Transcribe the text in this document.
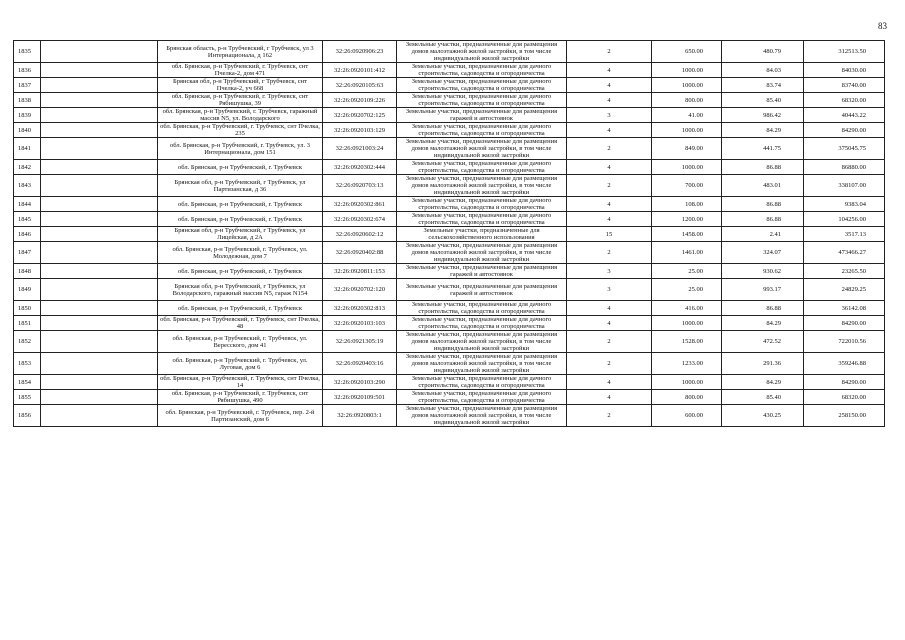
83
1835		Брянская область, р-н Трубчевский, г Трубчевск, ул 3 Интернационала, д 162	32:26:0920906:23	Земельные участки, предназначенные для размещения домов малоэтажной жилой застройки, в том числе индивидуальной жилой застройки	2	650.00	480.79	312513.50
1836		обл. Брянская, р-н Трубчевский, г. Трубчевск, снт Пчелка-2, дом 471	32:26:0920101:412	Земельные участки, предназначенные для дачного строительства, садоводства и огородничества	4	1000.00	84.03	84030.00
1837		Брянская обл, р-н Трубчевский, г Трубчевск, снт Пчелка-2, уч 668	32:26:0920105:63	Земельные участки, предназначенные для дачного строительства, садоводства и огородничества	4	1000.00	83.74	83740.00
1838		обл. Брянская, р-н Трубчевский, г. Трубчевск, снт Рябишушка, 39	32:26:0920109:226	Земельные участки, предназначенные для дачного строительства, садоводства и огородничества	4	800.00	85.40	68320.00
1839		обл. Брянская, р-н Трубчевский, г. Трубчевск, гаражный массив N5, ул. Володарского	32:26:0920702:125	Земельные участки, предназначенные для размещения гаражей и автостоянок	3	41.00	986.42	40443.22
1840		обл. Брянская, р-н Трубчевский, г. Трубчевск, снт Пчелка, 235	32:26:0920103:129	Земельные участки, предназначенные для дачного строительства, садоводства и огородничества	4	1000.00	84.29	84290.00
1841		обл. Брянская, р-н Трубчевский, г. Трубчевск, ул. 3 Интернационала, дом 151	32:26:0921003:24	Земельные участки, предназначенные для размещения домов малоэтажной жилой застройки, в том числе индивидуальной жилой застройки	2	849.00	441.75	375045.75
1842		обл. Брянская, р-н Трубчевский, г. Трубчевск	32:26:0920302:444	Земельные участки, предназначенные для дачного строительства, садоводства и огородничества	4	1000.00	86.88	86880.00
1843		Брянская обл, р-н Трубчевский, г Трубчевск, ул Партизанская, д 36	32:26:0920703:13	Земельные участки, предназначенные для размещения домов малоэтажной жилой застройки, в том числе индивидуальной жилой застройки	2	700.00	483.01	338107.00
1844		обл. Брянская, р-н Трубчевский, г. Трубчевск	32:26:0920302:861	Земельные участки, предназначенные для дачного строительства, садоводства и огородничества	4	108.00	86.88	9383.04
1845		обл. Брянская, р-н Трубчевский, г. Трубчевск	32:26:0920302:674	Земельные участки, предназначенные для дачного строительства, садоводства и огородничества	4	1200.00	86.88	104256.00
1846		Брянская обл, р-н Трубчевский, г Трубчевск, ул Лицейская, д 2А	32:26:0920602:12	Земельные участки, предназначенные для сельскохозяйственного использования	15	1458.00	2.41	3517.13
1847		обл. Брянская, р-н Трубчевский, г. Трубчевск, ул. Молодежная, дом 7	32:26:0920402:88	Земельные участки, предназначенные для размещения домов малоэтажной жилой застройки, в том числе индивидуальной жилой застройки	2	1461.00	324.07	473466.27
1848		обл. Брянская, р-н Трубчевский, г. Трубчевск	32:26:0920811:153	Земельные участки, предназначенные для размещения гаражей и автостоянок	3	25.00	930.62	23265.50
1849		Брянская обл, р-н Трубчевский, г Трубчевск, ул Володарского, гаражный массив N5, гараж N154	32:26:0920702:120	Земельные участки, предназначенные для размещения гаражей и автостоянок	3	25.00	993.17	24829.25
1850		обл. Брянская, р-н Трубчевский, г. Трубчевск	32:26:0920302:813	Земельные участки, предназначенные для дачного строительства, садоводства и огородничества	4	416.00	86.88	36142.08
1851		обл. Брянская, р-н Трубчевский, г. Трубчевск, снт Пчелка, 48	32:26:0920103:103	Земельные участки, предназначенные для дачного строительства, садоводства и огородничества	4	1000.00	84.29	84290.00
1852		обл. Брянская, р-н Трубчевский, г. Трубчевск, ул. Вересского, дом 41	32:26:0921305:19	Земельные участки, предназначенные для размещения домов малоэтажной жилой застройки, в том числе индивидуальной жилой застройки	2	1528.00	472.52	722010.56
1853		обл. Брянская, р-н Трубчевский, г. Трубчевск, ул. Луговая, дом 6	32:26:0920403:16	Земельные участки, предназначенные для размещения домов малоэтажной жилой застройки, в том числе индивидуальной жилой застройки	2	1233.00	291.36	359246.88
1854		обл. Брянская, р-н Трубчевский, г. Трубчевск, снт Пчелка, 14	32:26:0920103:290	Земельные участки, предназначенные для дачного строительства, садоводства и огородничества	4	1000.00	84.29	84290.00
1855		обл. Брянская, р-н Трубчевский, г. Трубчевск, снт Рябишушка, 490	32:26:0920109:501	Земельные участки, предназначенные для дачного строительства, садоводства и огородничества	4	800.00	85.40	68320.00
1856		обл. Брянская, р-н Трубчевский, г. Трубчевск, пер. 2-й Партизанский, дом 6	32:26:0920803:1	Земельные участки, предназначенные для размещения домов малоэтажной жилой застройки, в том числе индивидуальной жилой застройки	2	600.00	430.25	258150.00
